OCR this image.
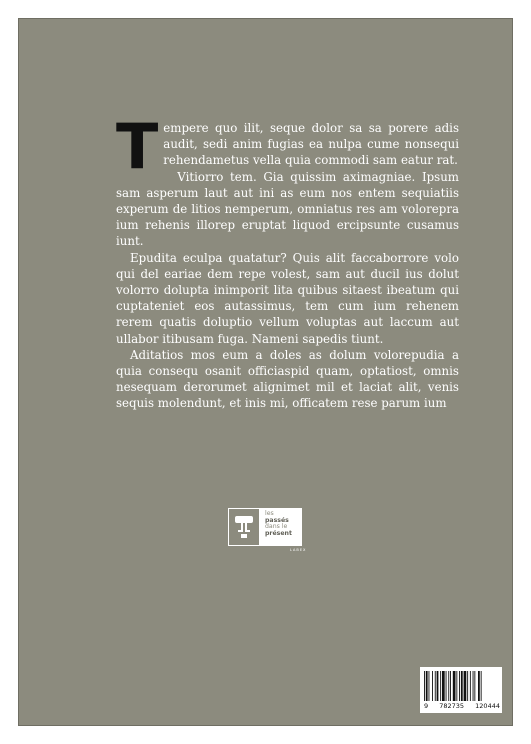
Tempere quo ilit, seque dolor sa sa porere adis audit, sedi anim fugias ea nulpa cume nonsequi rehendametus vella quia commodi sam eatur rat.

Vitiorro tem. Gia quissim aximagniae. Ipsum sam asperum laut aut ini as eum nos entem sequiatiis experum de litios nemperum, omniatus res am volorepra ium rehenis illorep eruptat liquod ercipsunte cusamus iunt.

Epudita eculpa quatatur? Quis alit faccaborrore volo qui del eariae dem repe volest, sam aut ducil ius dolut volorro dolupta inimporit lita quibus sitaest ibeatum qui cuptateniet eos autassimus, tem cum ium rehenem rerem quatis doluptio vellum voluptas aut laccum aut ullabor itibusam fuga. Nameni sapedis tiunt.

Aditatios mos eum a doles as dolum volorepudia a quia consequ osanit officiaspid quam, optatiost, omnis nesequam derorumet alignimet mil et laciat alit, venis sequis molendunt, et inis mi, officatem rese parum ium

les
passés
dans le
présent
LABEX
9 782735 120444
